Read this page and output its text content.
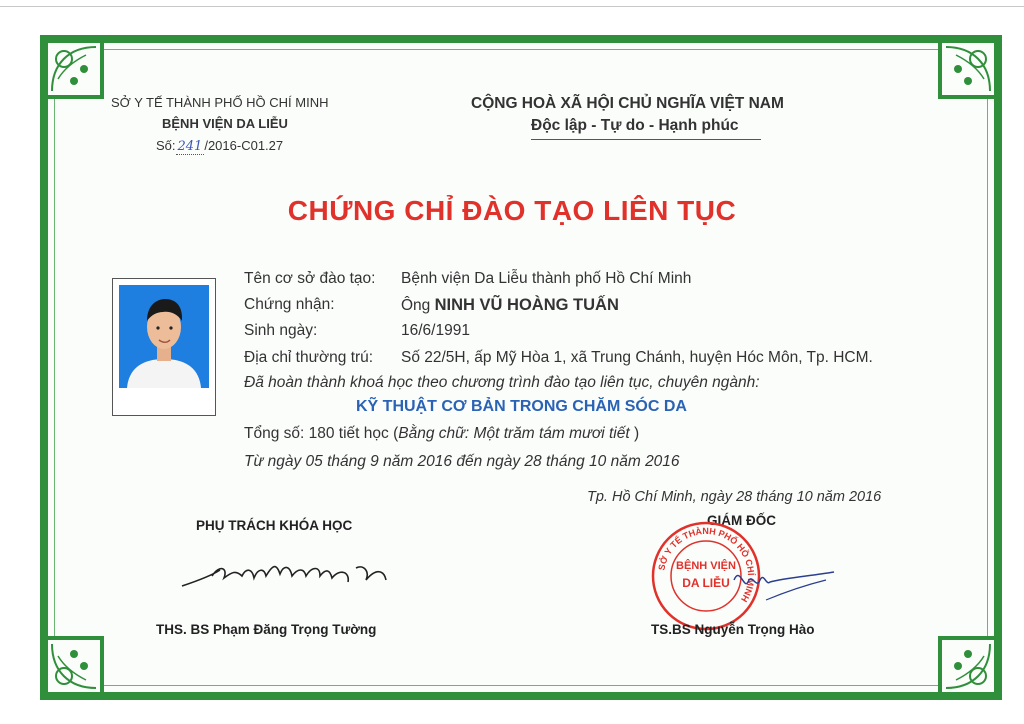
SỞ Y TẾ THÀNH PHỐ HỒ CHÍ MINH
BỆNH VIỆN DA LIỄU
Số: 241 /2016-C01.27
CỘNG HOÀ XÃ HỘI CHỦ NGHĨA VIỆT NAM
Độc lập - Tự do - Hạnh phúc
CHỨNG CHỈ ĐÀO TẠO LIÊN TỤC
Tên cơ sở đào tạo: Bệnh viện Da Liễu thành phố Hồ Chí Minh
Chứng nhận:	Ông NINH VŨ HOÀNG TUẤN
Sinh ngày:	16/6/1991
Địa chỉ thường trú: Số 22/5H, ấp Mỹ Hòa 1, xã Trung Chánh, huyện Hóc Môn, Tp. HCM.
Đã hoàn thành khoá học theo chương trình đào tạo liên tục, chuyên ngành:
KỸ THUẬT CƠ BẢN TRONG CHĂM SÓC DA
Tổng số: 180 tiết học (Bằng chữ: Một trăm tám mươi tiết )
Từ ngày 05 tháng 9 năm 2016 đến ngày 28 tháng 10 năm 2016
Tp. Hồ Chí Minh, ngày 28 tháng 10 năm 2016
PHỤ TRÁCH KHÓA HỌC
THS. BS Phạm Đăng Trọng Tường
GIÁM ĐỐC
SỞ Y TẾ THÀNH PHỐ HỒ CHÍ MINH
BỆNH VIỆN
DA LIỄU
TS.BS Nguyễn Trọng Hào
